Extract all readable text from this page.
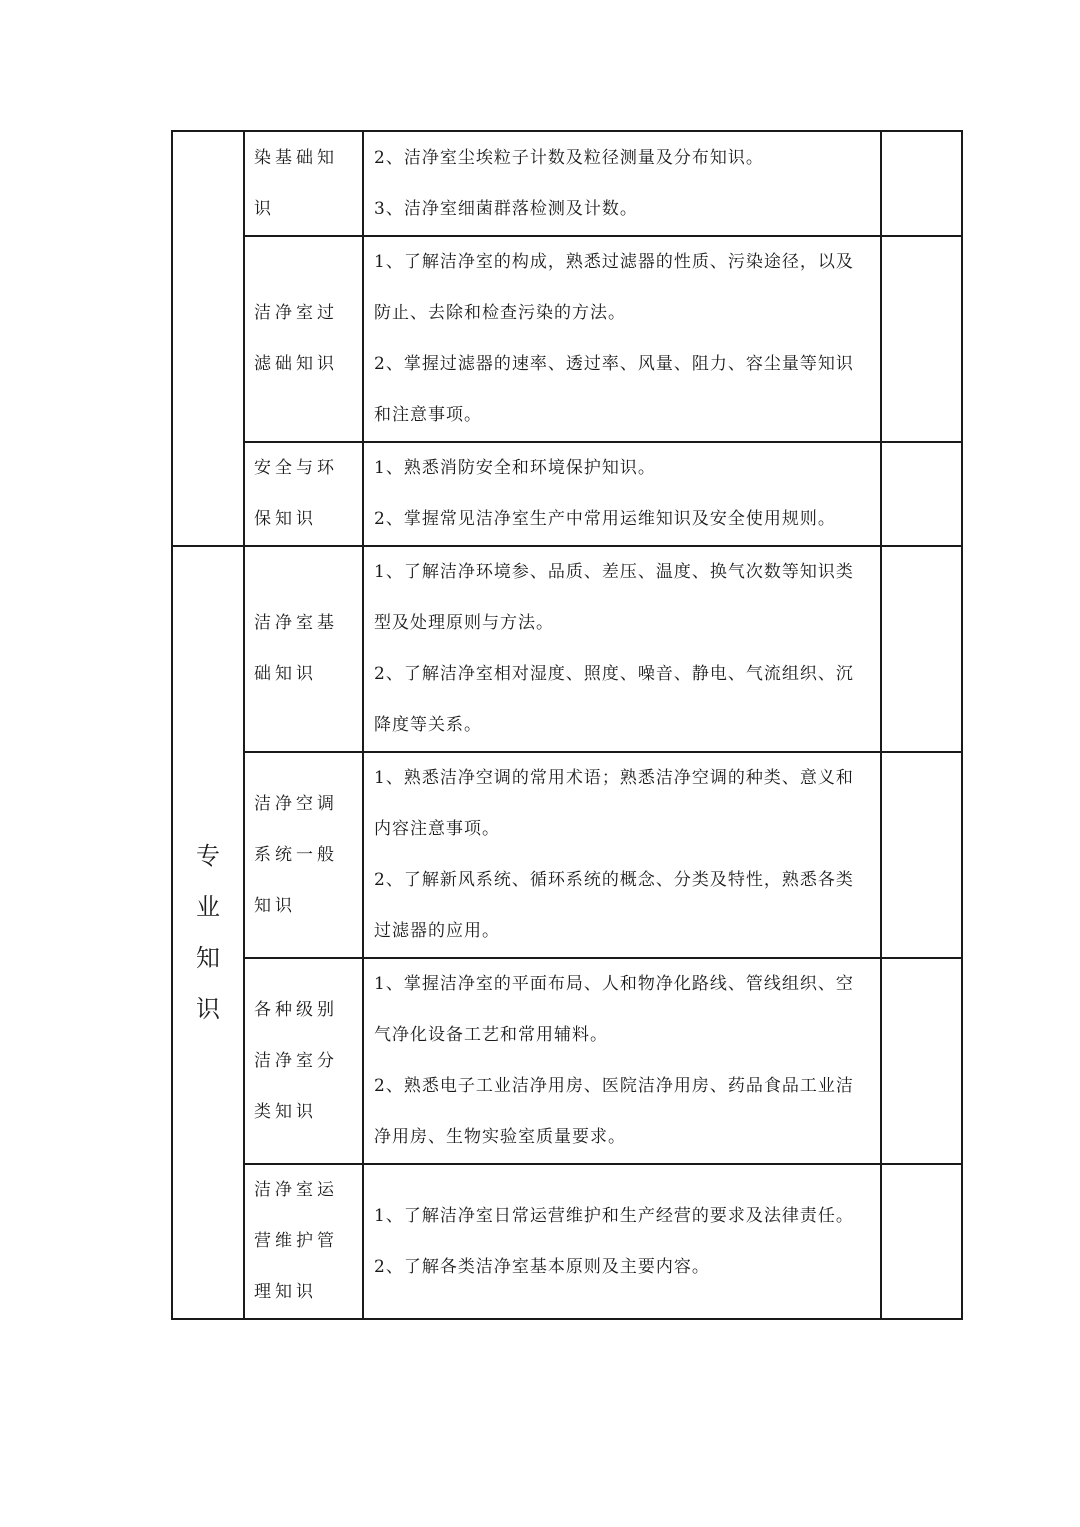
	染基础知识	2、洁净室尘埃粒子计数及粒径测量及分布知识。
3、洁净室细菌群落检测及计数。	

	洁净室过滤础知识	1、了解洁净室的构成，熟悉过滤器的性质、污染途径，以及
防止、去除和检查污染的方法。
2、掌握过滤器的速率、透过率、风量、阻力、容尘量等知识
和注意事项。	

	安全与环保知识	1、熟悉消防安全和环境保护知识。
2、掌握常见洁净室生产中常用运维知识及安全使用规则。	

专
业
知
识	洁净室基础知识	1、了解洁净环境参、品质、差压、温度、换气次数等知识类
型及处理原则与方法。
2、了解洁净室相对湿度、照度、噪音、静电、气流组织、沉
降度等关系。	

	洁净空调系统一般知识	1、熟悉洁净空调的常用术语；熟悉洁净空调的种类、意义和
内容注意事项。
2、了解新风系统、循环系统的概念、分类及特性，熟悉各类
过滤器的应用。	

	各种级别洁净室分类知识	1、掌握洁净室的平面布局、人和物净化路线、管线组织、空
气净化设备工艺和常用辅料。
2、熟悉电子工业洁净用房、医院洁净用房、药品食品工业洁
净用房、生物实验室质量要求。	

	洁净室运营维护管理知识	1、了解洁净室日常运营维护和生产经营的要求及法律责任。
2、了解各类洁净室基本原则及主要内容。	
